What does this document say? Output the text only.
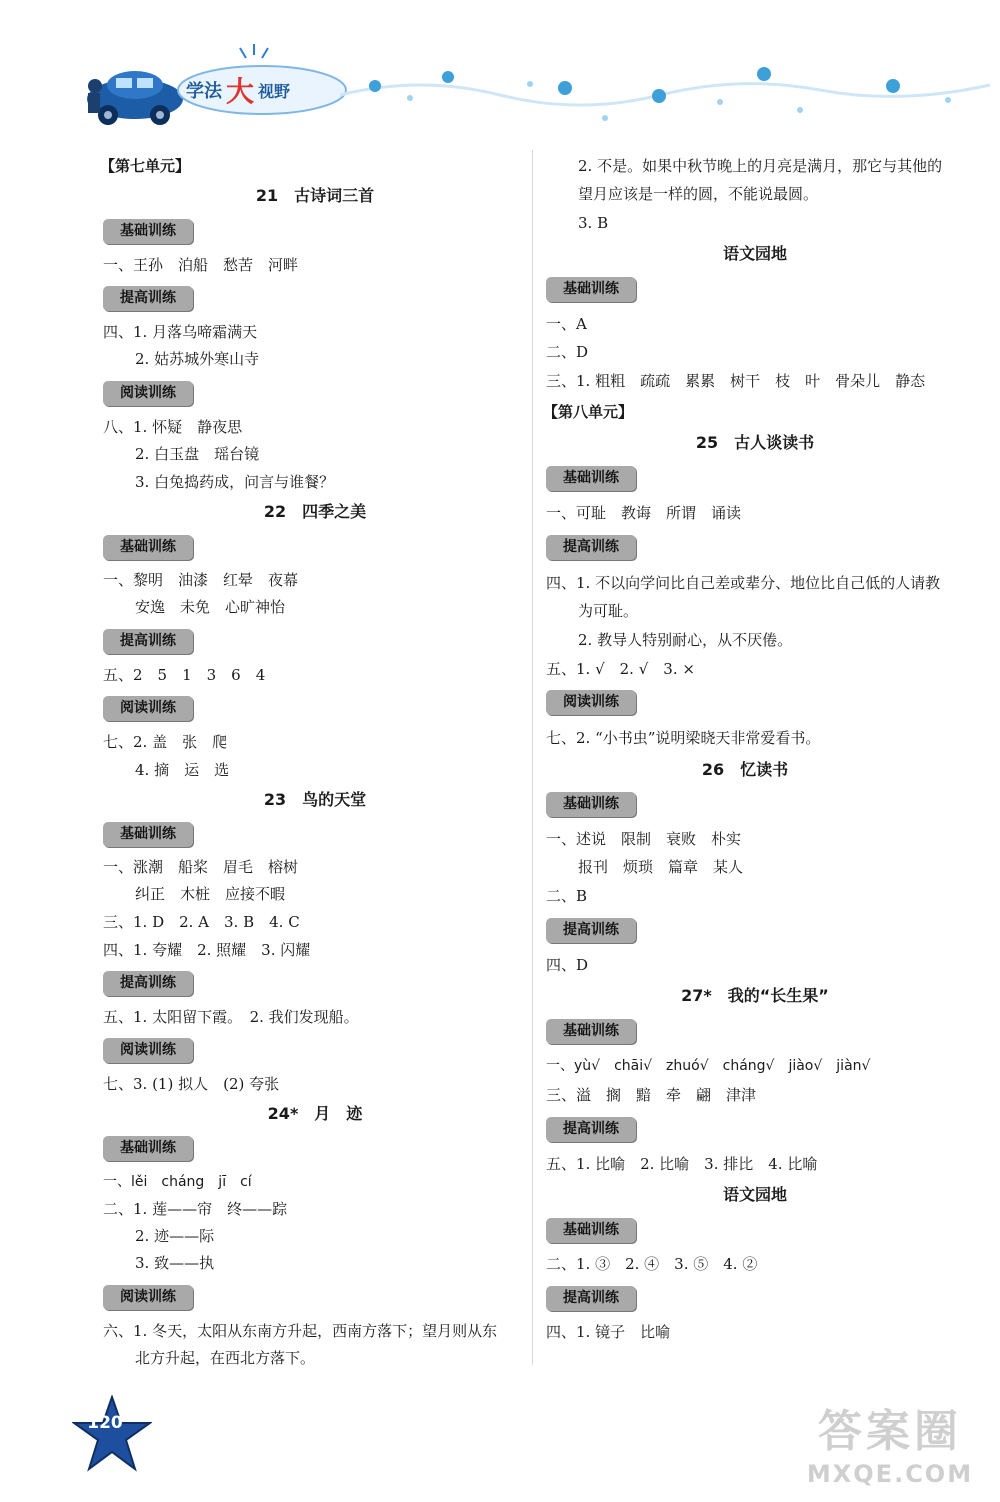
学法 大 视野
【第七单元】
21　古诗词三首
基础训练
一、王孙　泊船　愁苦　河畔
提高训练
四、1. 月落乌啼霜满天
2. 姑苏城外寒山寺
阅读训练
八、1. 怀疑　静夜思
2. 白玉盘　瑶台镜
3. 白兔捣药成，问言与谁餐？
22　四季之美
基础训练
一、黎明　油漆　红晕　夜幕
安逸　未免　心旷神怡
提高训练
五、2　5　1　3　6　4
阅读训练
七、2. 盖　张　爬
4. 摘　运　选
23　鸟的天堂
基础训练
一、涨潮　船桨　眉毛　榕树
纠正　木桩　应接不暇
三、1. D　2. A　3. B　4. C
四、1. 夸耀　2. 照耀　3. 闪耀
提高训练
五、1. 太阳留下霞。　2. 我们发现船。
阅读训练
七、3. (1) 拟人　(2) 夸张
24*　月　迹
基础训练
一、lěi　cháng　jī　cí
二、1. 莲——帘　终——踪
2. 迹——际
3. 致——执
阅读训练
六、1. 冬天，太阳从东南方升起，西南方落下；望月则从东
北方升起，在西北方落下。
2. 不是。如果中秋节晚上的月亮是满月，那它与其他的
望月应该是一样的圆，不能说最圆。
3. B
语文园地
基础训练
一、A
二、D
三、1. 粗粗　疏疏　累累　树干　枝　叶　骨朵儿　静态
【第八单元】
25　古人谈读书
基础训练
一、可耻　教诲　所谓　诵读
提高训练
四、1. 不以向学问比自己差或辈分、地位比自己低的人请教
为可耻。
2. 教导人特别耐心，从不厌倦。
五、1. √　2. √　3. ×
阅读训练
七、2. “小书虫”说明梁晓天非常爱看书。
26　忆读书
基础训练
一、述说　限制　衰败　朴实
报刊　烦琐　篇章　某人
二、B
提高训练
四、D
27*　我的“长生果”
基础训练
一、yù√　chāi√　zhuó√　cháng√　jiào√　jiàn√
三、溢　搁　黯　牵　翩　津津
提高训练
五、1. 比喻　2. 比喻　3. 排比　4. 比喻
语文园地
基础训练
二、1. ③　2. ④　3. ⑤　4. ②
提高训练
四、1. 镜子　比喻
120	答案圈
MXQE.COM
